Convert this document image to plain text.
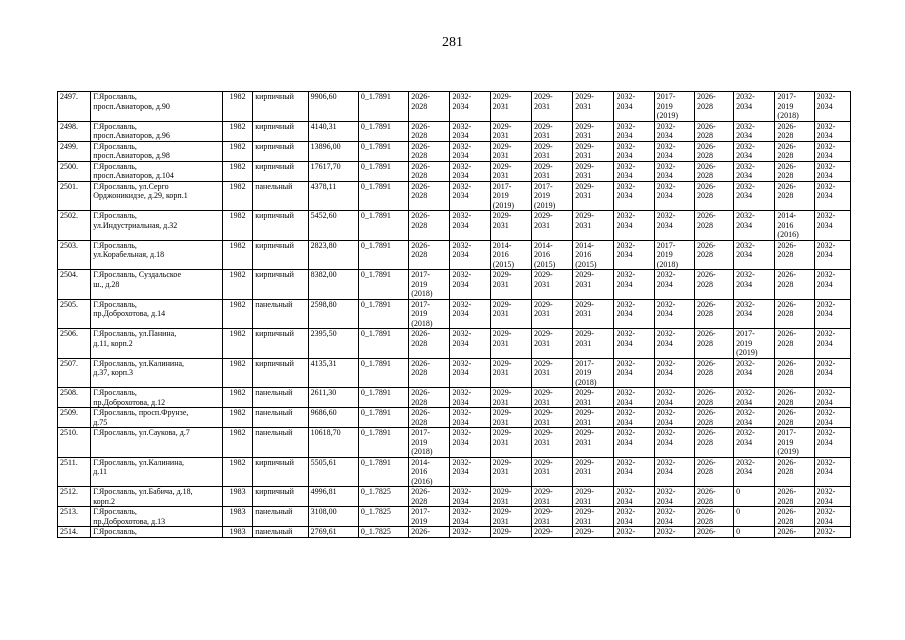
281
2497.	Г.Ярославль,
просп.Авиаторов, д.90	1982	кирпичный	9906,60	0_1.7891	2026-
2028	2032-
2034	2029-
2031	2029-
2031	2029-
2031	2032-
2034	2017-
2019
(2019)	2026-
2028	2032-
2034	2017-
2019
(2018)	2032-
2034

2498.	Г.Ярославль,
просп.Авиаторов, д.96	1982	кирпичный	4140,31	0_1.7891	2026-
2028	2032-
2034	2029-
2031	2029-
2031	2029-
2031	2032-
2034	2032-
2034	2026-
2028	2032-
2034	2026-
2028	2032-
2034

2499.	Г.Ярославль,
просп.Авиаторов, д.98	1982	кирпичный	13896,00	0_1.7891	2026-
2028	2032-
2034	2029-
2031	2029-
2031	2029-
2031	2032-
2034	2032-
2034	2026-
2028	2032-
2034	2026-
2028	2032-
2034

2500.	Г.Ярославль,
просп.Авиаторов, д.104	1982	кирпичный	17617,70	0_1.7891	2026-
2028	2032-
2034	2029-
2031	2029-
2031	2029-
2031	2032-
2034	2032-
2034	2026-
2028	2032-
2034	2026-
2028	2032-
2034

2501.	Г.Ярославль, ул.Серго
Орджоникидзе, д.29, корп.1	1982	панельный	4378,11	0_1.7891	2026-
2028	2032-
2034	2017-
2019
(2019)	2017-
2019
(2019)	2029-
2031	2032-
2034	2032-
2034	2026-
2028	2032-
2034	2026-
2028	2032-
2034

2502.	Г.Ярославль,
ул.Индустриальная, д.32	1982	кирпичный	5452,60	0_1.7891	2026-
2028	2032-
2034	2029-
2031	2029-
2031	2029-
2031	2032-
2034	2032-
2034	2026-
2028	2032-
2034	2014-
2016
(2016)	2032-
2034

2503.	Г.Ярославль,
ул.Корабельная, д.18	1982	кирпичный	2823,80	0_1.7891	2026-
2028	2032-
2034	2014-
2016
(2015)	2014-
2016
(2015)	2014-
2016
(2015)	2032-
2034	2017-
2019
(2018)	2026-
2028	2032-
2034	2026-
2028	2032-
2034

2504.	Г.Ярославль, Суздальское
ш., д.28	1982	кирпичный	8382,00	0_1.7891	2017-
2019
(2018)	2032-
2034	2029-
2031	2029-
2031	2029-
2031	2032-
2034	2032-
2034	2026-
2028	2032-
2034	2026-
2028	2032-
2034

2505.	Г.Ярославль,
пр.Доброхотова, д.14	1982	панельный	2598,80	0_1.7891	2017-
2019
(2018)	2032-
2034	2029-
2031	2029-
2031	2029-
2031	2032-
2034	2032-
2034	2026-
2028	2032-
2034	2026-
2028	2032-
2034

2506.	Г.Ярославль, ул.Панина,
д.11, корп.2	1982	кирпичный	2395,50	0_1.7891	2026-
2028	2032-
2034	2029-
2031	2029-
2031	2029-
2031	2032-
2034	2032-
2034	2026-
2028	2017-
2019
(2019)	2026-
2028	2032-
2034

2507.	Г.Ярославль, ул.Калинина,
д.37, корп.3	1982	кирпичный	4135,31	0_1.7891	2026-
2028	2032-
2034	2029-
2031	2029-
2031	2017-
2019
(2018)	2032-
2034	2032-
2034	2026-
2028	2032-
2034	2026-
2028	2032-
2034

2508.	Г.Ярославль,
пр.Доброхотова, д.12	1982	панельный	2611,30	0_1.7891	2026-
2028	2032-
2034	2029-
2031	2029-
2031	2029-
2031	2032-
2034	2032-
2034	2026-
2028	2032-
2034	2026-
2028	2032-
2034

2509.	Г.Ярославль, просп.Фрунзе,
д.75	1982	панельный	9686,60	0_1.7891	2026-
2028	2032-
2034	2029-
2031	2029-
2031	2029-
2031	2032-
2034	2032-
2034	2026-
2028	2032-
2034	2026-
2028	2032-
2034

2510.	Г.Ярославль, ул.Саукова, д.7	1982	панельный	10618,70	0_1.7891	2017-
2019
(2018)	2032-
2034	2029-
2031	2029-
2031	2029-
2031	2032-
2034	2032-
2034	2026-
2028	2032-
2034	2017-
2019
(2019)	2032-
2034

2511.	Г.Ярославль, ул.Калинина,
д.11	1982	кирпичный	5505,61	0_1.7891	2014-
2016
(2016)	2032-
2034	2029-
2031	2029-
2031	2029-
2031	2032-
2034	2032-
2034	2026-
2028	2032-
2034	2026-
2028	2032-
2034

2512.	Г.Ярославль, ул.Бабича, д.18,
корп.2	1983	кирпичный	4996,81	0_1.7825	2026-
2028	2032-
2034	2029-
2031	2029-
2031	2029-
2031	2032-
2034	2032-
2034	2026-
2028	0	2026-
2028	2032-
2034

2513.	Г.Ярославль,
пр.Доброхотова, д.13	1983	панельный	3108,00	0_1.7825	2017-
2019	2032-
2034	2029-
2031	2029-
2031	2029-
2031	2032-
2034	2032-
2034	2026-
2028	0	2026-
2028	2032-
2034

2514.	Г.Ярославль,	1983	панельный	2769,61	0_1.7825	2026-	2032-	2029-	2029-	2029-	2032-	2032-	2026-	0	2026-	2032-
